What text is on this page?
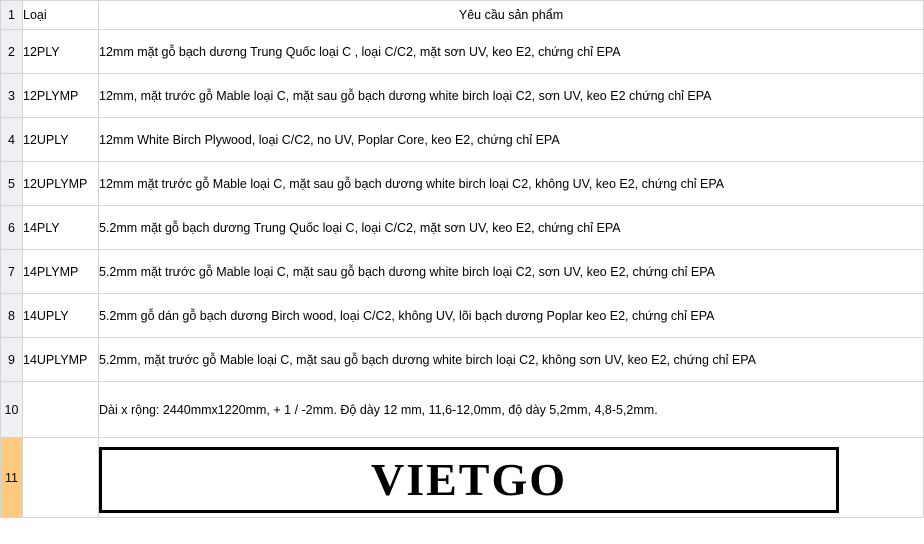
1	Loại	Yêu cầu sản phẩm
2	12PLY	12mm mặt gỗ bạch dương Trung Quốc loại C , loại C/C2, mặt sơn UV, keo E2, chứng chỉ EPA
3	12PLYMP	12mm, mặt trước gỗ Mable loại C, mặt sau gỗ bạch dương white birch loại C2, sơn UV, keo E2 chứng chỉ EPA
4	12UPLY	12mm White Birch Plywood, loại C/C2, no UV, Poplar Core, keo E2, chứng chỉ EPA
5	12UPLYMP	12mm mặt trước gỗ Mable loại C, mặt sau gỗ bạch dương white birch loại C2, không UV, keo E2, chứng chỉ EPA
6	14PLY	5.2mm mặt gỗ bạch dương Trung Quốc loại C, loại C/C2, mặt sơn UV, keo E2, chứng chỉ EPA
7	14PLYMP	5.2mm mặt trước gỗ Mable loại C, mặt sau gỗ bạch dương white birch loại C2, sơn UV, keo E2, chứng chỉ EPA
8	14UPLY	5.2mm gỗ dán gỗ bạch dương Birch wood, loại C/C2, không UV, lõi bạch dương Poplar keo E2, chứng chỉ EPA
9	14UPLYMP	5.2mm, mặt trước gỗ Mable loại C, mặt sau gỗ bạch dương white birch loại C2, không sơn UV, keo E2, chứng chỉ EPA
10		Dài x rộng: 2440mmx1220mm, + 1 / -2mm. Độ dày 12 mm, 11,6-12,0mm, độ dày 5,2mm, 4,8-5,2mm.
11		VIETGO
